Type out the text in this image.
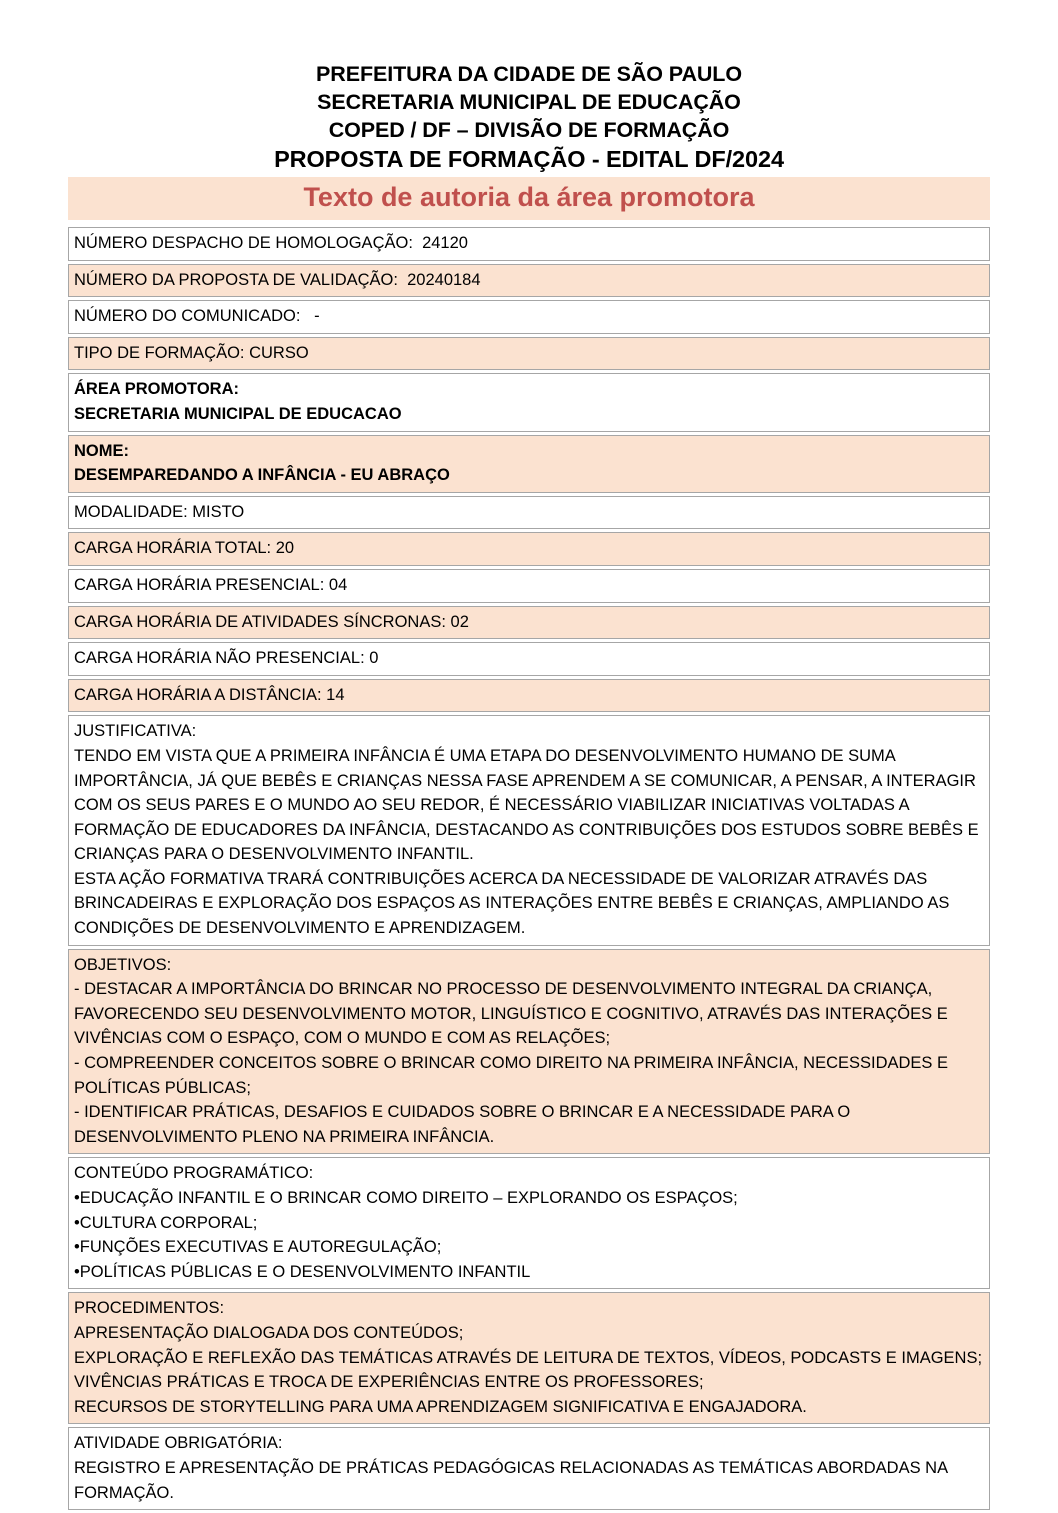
PREFEITURA DA CIDADE DE SÃO PAULO
SECRETARIA MUNICIPAL DE EDUCAÇÃO
COPED / DF – DIVISÃO DE FORMAÇÃO
PROPOSTA DE FORMAÇÃO - EDITAL DF/2024
Texto de autoria da área promotora
NÚMERO DESPACHO DE HOMOLOGAÇÃO:  24120

NÚMERO DA PROPOSTA DE VALIDAÇÃO:  20240184

NÚMERO DO COMUNICADO:   -

TIPO DE FORMAÇÃO: CURSO

ÁREA PROMOTORA:
SECRETARIA MUNICIPAL DE EDUCACAO

NOME:
DESEMPAREDANDO A INFÂNCIA - EU ABRAÇO

MODALIDADE: MISTO

CARGA HORÁRIA TOTAL: 20

CARGA HORÁRIA PRESENCIAL: 04

CARGA HORÁRIA DE ATIVIDADES SÍNCRONAS: 02

CARGA HORÁRIA NÃO PRESENCIAL: 0

CARGA HORÁRIA A DISTÂNCIA: 14

JUSTIFICATIVA:
TENDO EM VISTA QUE A PRIMEIRA INFÂNCIA É UMA ETAPA DO DESENVOLVIMENTO HUMANO DE SUMA IMPORTÂNCIA, JÁ QUE BEBÊS E CRIANÇAS NESSA FASE APRENDEM A SE COMUNICAR, A PENSAR, A INTERAGIR COM OS SEUS PARES E O MUNDO AO SEU REDOR, É NECESSÁRIO VIABILIZAR INICIATIVAS VOLTADAS A FORMAÇÃO DE EDUCADORES DA INFÂNCIA, DESTACANDO AS CONTRIBUIÇÕES DOS ESTUDOS SOBRE BEBÊS E CRIANÇAS PARA O DESENVOLVIMENTO INFANTIL.
ESTA AÇÃO FORMATIVA TRARÁ CONTRIBUIÇÕES ACERCA DA NECESSIDADE DE VALORIZAR ATRAVÉS DAS BRINCADEIRAS E EXPLORAÇÃO DOS ESPAÇOS AS INTERAÇÕES ENTRE BEBÊS E CRIANÇAS, AMPLIANDO AS CONDIÇÕES DE DESENVOLVIMENTO E APRENDIZAGEM.

OBJETIVOS:
- DESTACAR A IMPORTÂNCIA DO BRINCAR NO PROCESSO DE DESENVOLVIMENTO INTEGRAL DA CRIANÇA, FAVORECENDO SEU DESENVOLVIMENTO MOTOR, LINGUÍSTICO E COGNITIVO, ATRAVÉS DAS INTERAÇÕES E VIVÊNCIAS COM O ESPAÇO, COM O MUNDO E COM AS RELAÇÕES;
- COMPREENDER CONCEITOS SOBRE O BRINCAR COMO DIREITO NA PRIMEIRA INFÂNCIA, NECESSIDADES E POLÍTICAS PÚBLICAS;
- IDENTIFICAR PRÁTICAS, DESAFIOS E CUIDADOS SOBRE O BRINCAR E A NECESSIDADE PARA O DESENVOLVIMENTO PLENO NA PRIMEIRA INFÂNCIA.

CONTEÚDO PROGRAMÁTICO:
•EDUCAÇÃO INFANTIL E O BRINCAR COMO DIREITO – EXPLORANDO OS ESPAÇOS;
•CULTURA CORPORAL;
•FUNÇÕES EXECUTIVAS E AUTOREGULAÇÃO;
•POLÍTICAS PÚBLICAS E O DESENVOLVIMENTO INFANTIL

PROCEDIMENTOS:
APRESENTAÇÃO DIALOGADA DOS CONTEÚDOS;
EXPLORAÇÃO E REFLEXÃO DAS TEMÁTICAS ATRAVÉS DE LEITURA DE TEXTOS, VÍDEOS, PODCASTS E IMAGENS;
VIVÊNCIAS PRÁTICAS E TROCA DE EXPERIÊNCIAS ENTRE OS PROFESSORES;
RECURSOS DE STORYTELLING PARA UMA APRENDIZAGEM SIGNIFICATIVA E ENGAJADORA.

ATIVIDADE OBRIGATÓRIA:
REGISTRO E APRESENTAÇÃO DE PRÁTICAS PEDAGÓGICAS RELACIONADAS AS TEMÁTICAS ABORDADAS NA FORMAÇÃO.
